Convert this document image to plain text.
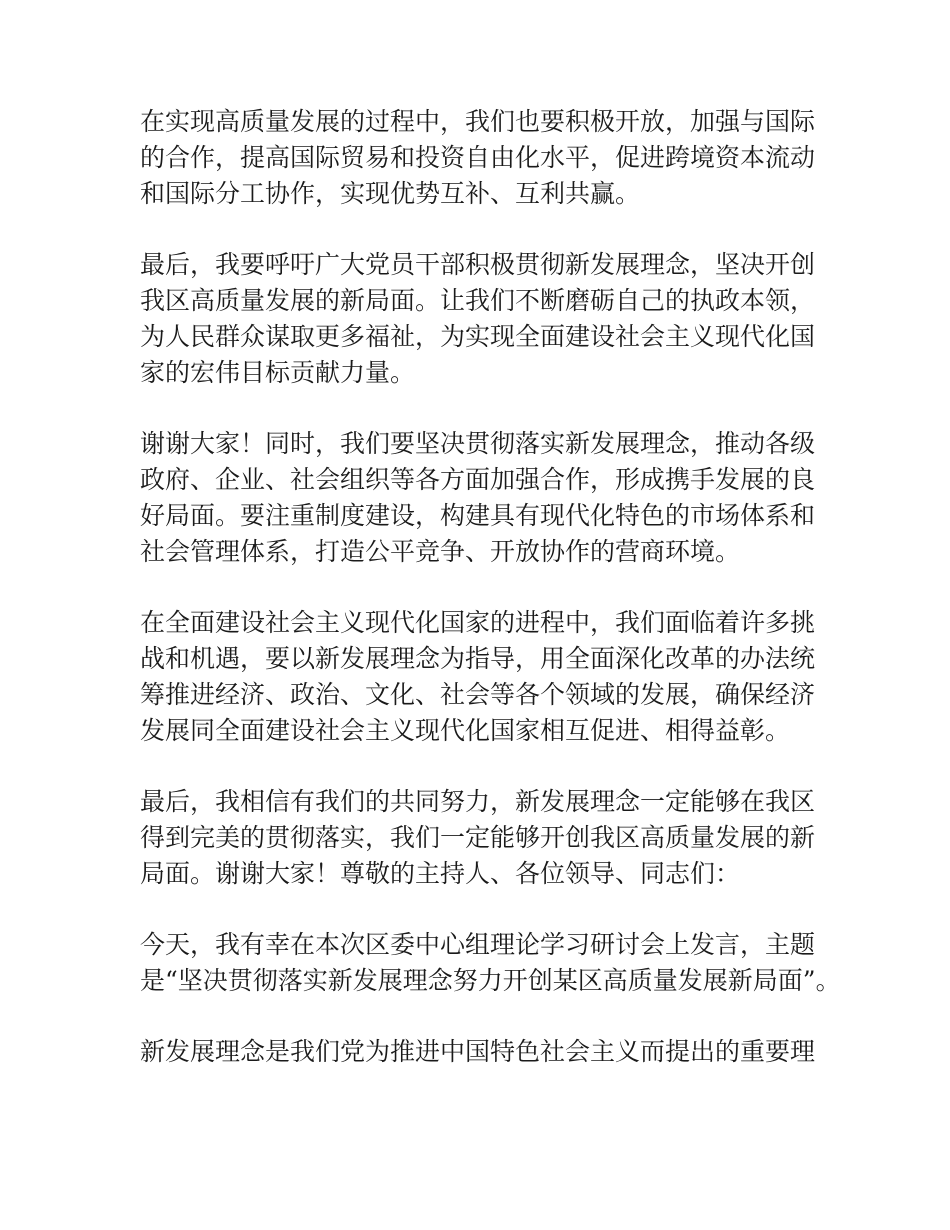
在实现高质量发展的过程中，我们也要积极开放，加强与国际
的合作，提高国际贸易和投资自由化水平，促进跨境资本流动
和国际分工协作，实现优势互补、互利共赢。

最后，我要呼吁广大党员干部积极贯彻新发展理念，坚决开创
我区高质量发展的新局面。让我们不断磨砺自己的执政本领，
为人民群众谋取更多福祉，为实现全面建设社会主义现代化国
家的宏伟目标贡献力量。

谢谢大家！同时，我们要坚决贯彻落实新发展理念，推动各级
政府、企业、社会组织等各方面加强合作，形成携手发展的良
好局面。要注重制度建设，构建具有现代化特色的市场体系和
社会管理体系，打造公平竞争、开放协作的营商环境。

在全面建设社会主义现代化国家的进程中，我们面临着许多挑
战和机遇，要以新发展理念为指导，用全面深化改革的办法统
筹推进经济、政治、文化、社会等各个领域的发展，确保经济
发展同全面建设社会主义现代化国家相互促进、相得益彰。

最后，我相信有我们的共同努力，新发展理念一定能够在我区
得到完美的贯彻落实，我们一定能够开创我区高质量发展的新
局面。谢谢大家！尊敬的主持人、各位领导、同志们：

今天，我有幸在本次区委中心组理论学习研讨会上发言，主题
是“坚决贯彻落实新发展理念努力开创某区高质量发展新局面”。

新发展理念是我们党为推进中国特色社会主义而提出的重要理
